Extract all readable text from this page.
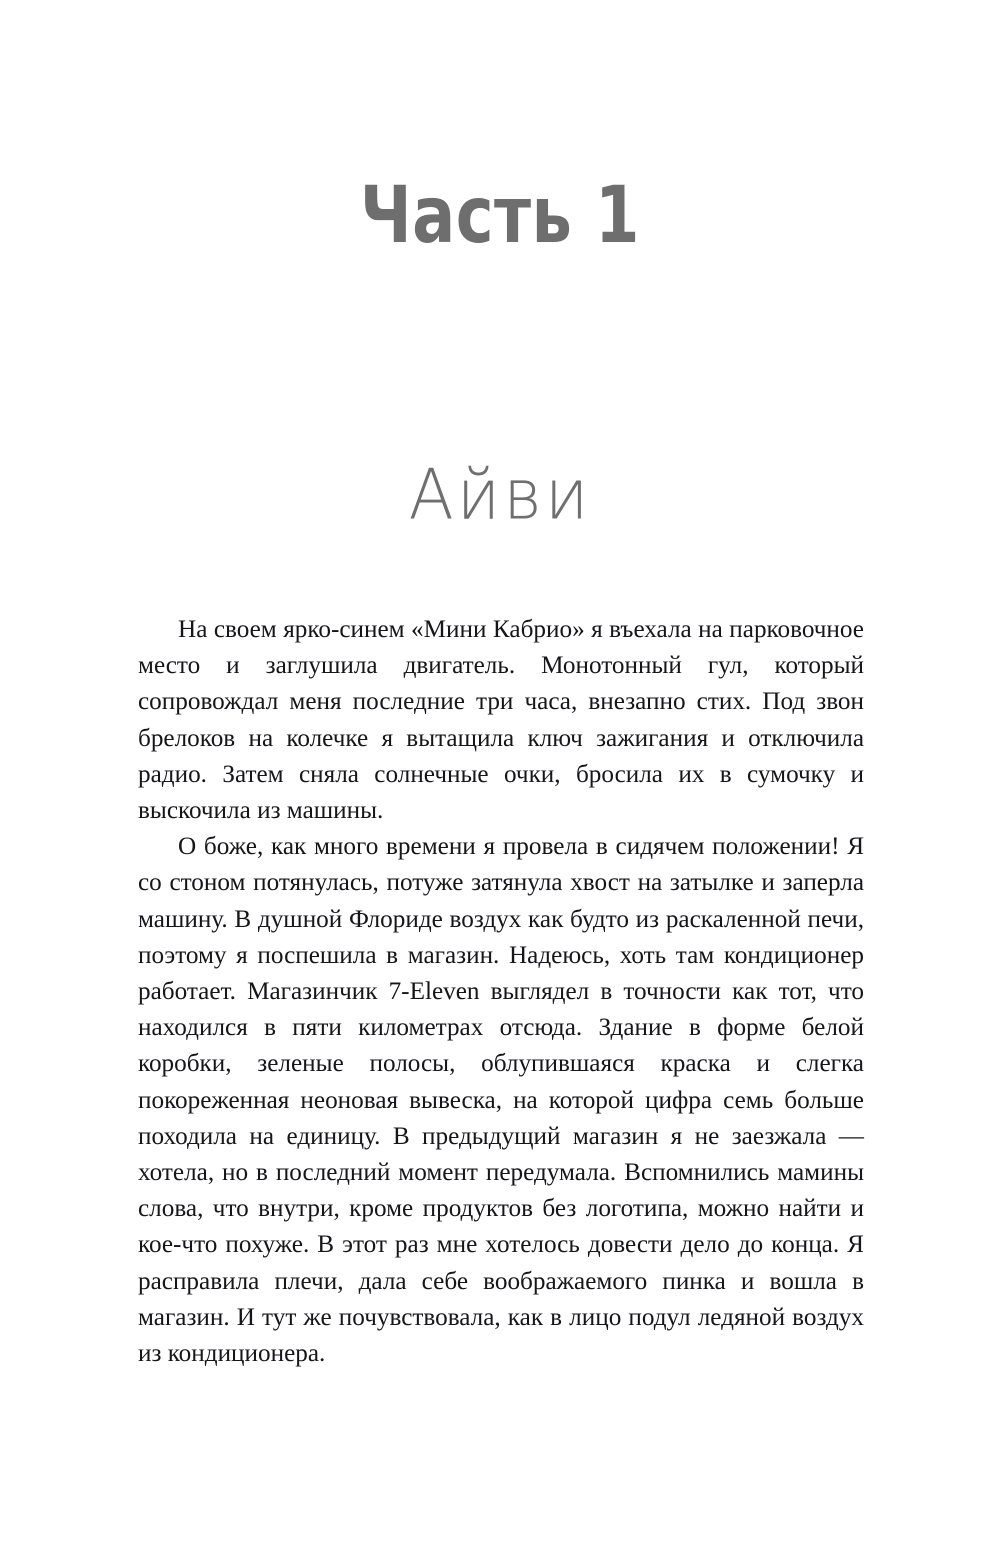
Часть 1
Айви

На своем ярко-синем «Мини Кабрио» я въехала на парковочное место и заглушила двигатель. Монотонный гул, который сопровождал меня последние три часа, внезапно стих. Под звон брелоков на колечке я вытащила ключ зажигания и отключила радио. Затем сняла солнечные очки, бросила их в сумочку и выскочила из машины.

О боже, как много времени я провела в сидячем положении! Я со стоном потянулась, потуже затянула хвост на затылке и заперла машину. В душной Флориде воздух как будто из раскаленной печи, поэтому я поспешила в магазин. Надеюсь, хоть там кондиционер работает. Магазинчик 7-Eleven выглядел в точности как тот, что находился в пяти километрах отсюда. Здание в форме белой коробки, зеленые полосы, облупившаяся краска и слегка покореженная неоновая вывеска, на которой цифра семь больше походила на единицу. В предыдущий магазин я не заезжала — хотела, но в последний момент передумала. Вспомнились мамины слова, что внутри, кроме продуктов без логотипа, можно найти и кое-что похуже. В этот раз мне хотелось довести дело до конца. Я расправила плечи, дала себе воображаемого пинка и вошла в магазин. И тут же почувствовала, как в лицо подул ледяной воздух из кондиционера.
